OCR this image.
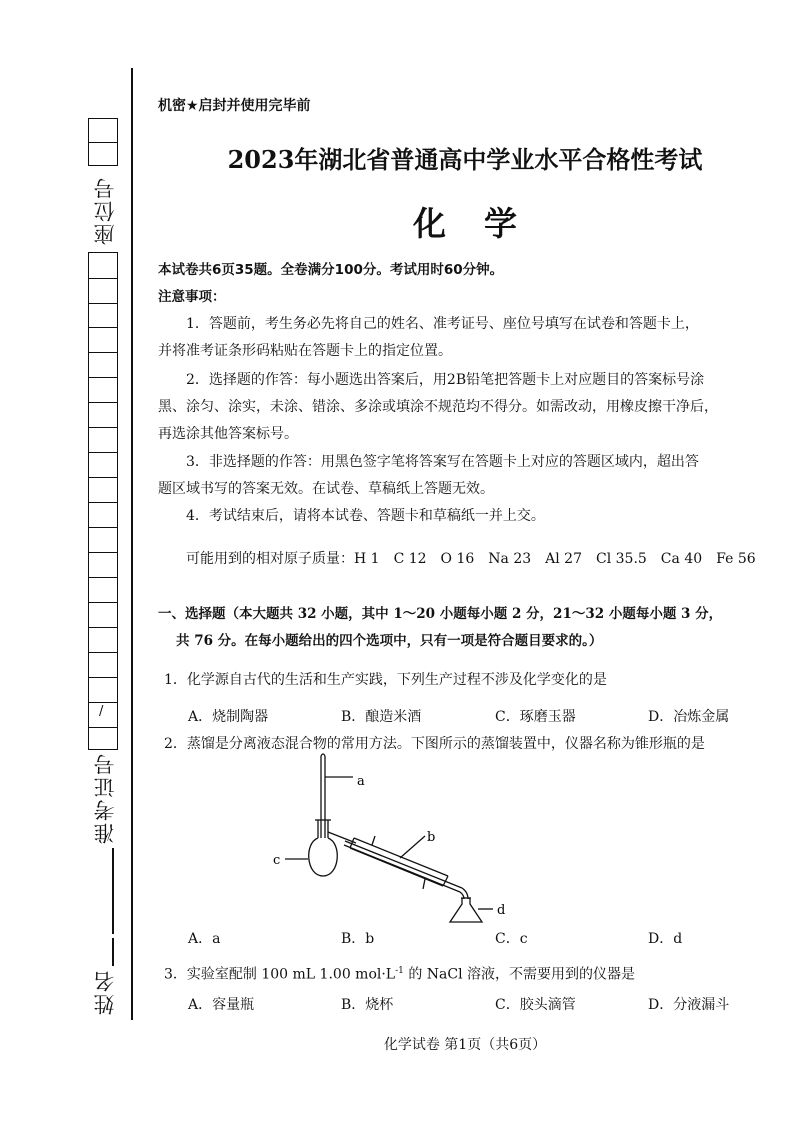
座位号
/
准考证号
姓名
机密★启封并使用完毕前
2023年湖北省普通高中学业水平合格性考试
化学
本试卷共6页35题。全卷满分100分。考试用时60分钟。
注意事项：
1．答题前，考生务必先将自己的姓名、准考证号、座位号填写在试卷和答题卡上，
并将准考证条形码粘贴在答题卡上的指定位置。
2．选择题的作答：每小题选出答案后，用2B铅笔把答题卡上对应题目的答案标号涂
黑、涂匀、涂实，未涂、错涂、多涂或填涂不规范均不得分。如需改动，用橡皮擦干净后，
再选涂其他答案标号。
3．非选择题的作答：用黑色签字笔将答案写在答题卡上对应的答题区域内，超出答
题区域书写的答案无效。在试卷、草稿纸上答题无效。
4．考试结束后，请将本试卷、答题卡和草稿纸一并上交。
可能用到的相对原子质量：H 1　C 12　O 16　Na 23　Al 27　Cl 35.5　Ca 40　Fe 56
一、选择题（本大题共 32 小题，其中 1～20 小题每小题 2 分，21～32 小题每小题 3 分，
共 76 分。在每小题给出的四个选项中，只有一项是符合题目要求的。）
1．化学源自古代的生活和生产实践，下列生产过程不涉及化学变化的是
A．烧制陶器	B．酿造米酒	C．琢磨玉器	D．冶炼金属
2．蒸馏是分离液态混合物的常用方法。下图所示的蒸馏装置中，仪器名称为锥形瓶的是
a
b
c
d
A．a	B．b	C．c	D．d
3．实验室配制 100 mL 1.00 $mol\cdot L^{-1}$ 的 NaCl 溶液，不需要用到的仪器是
A．容量瓶	B．烧杯	C．胶头滴管	D．分液漏斗
化学试卷 第1页（共6页）
